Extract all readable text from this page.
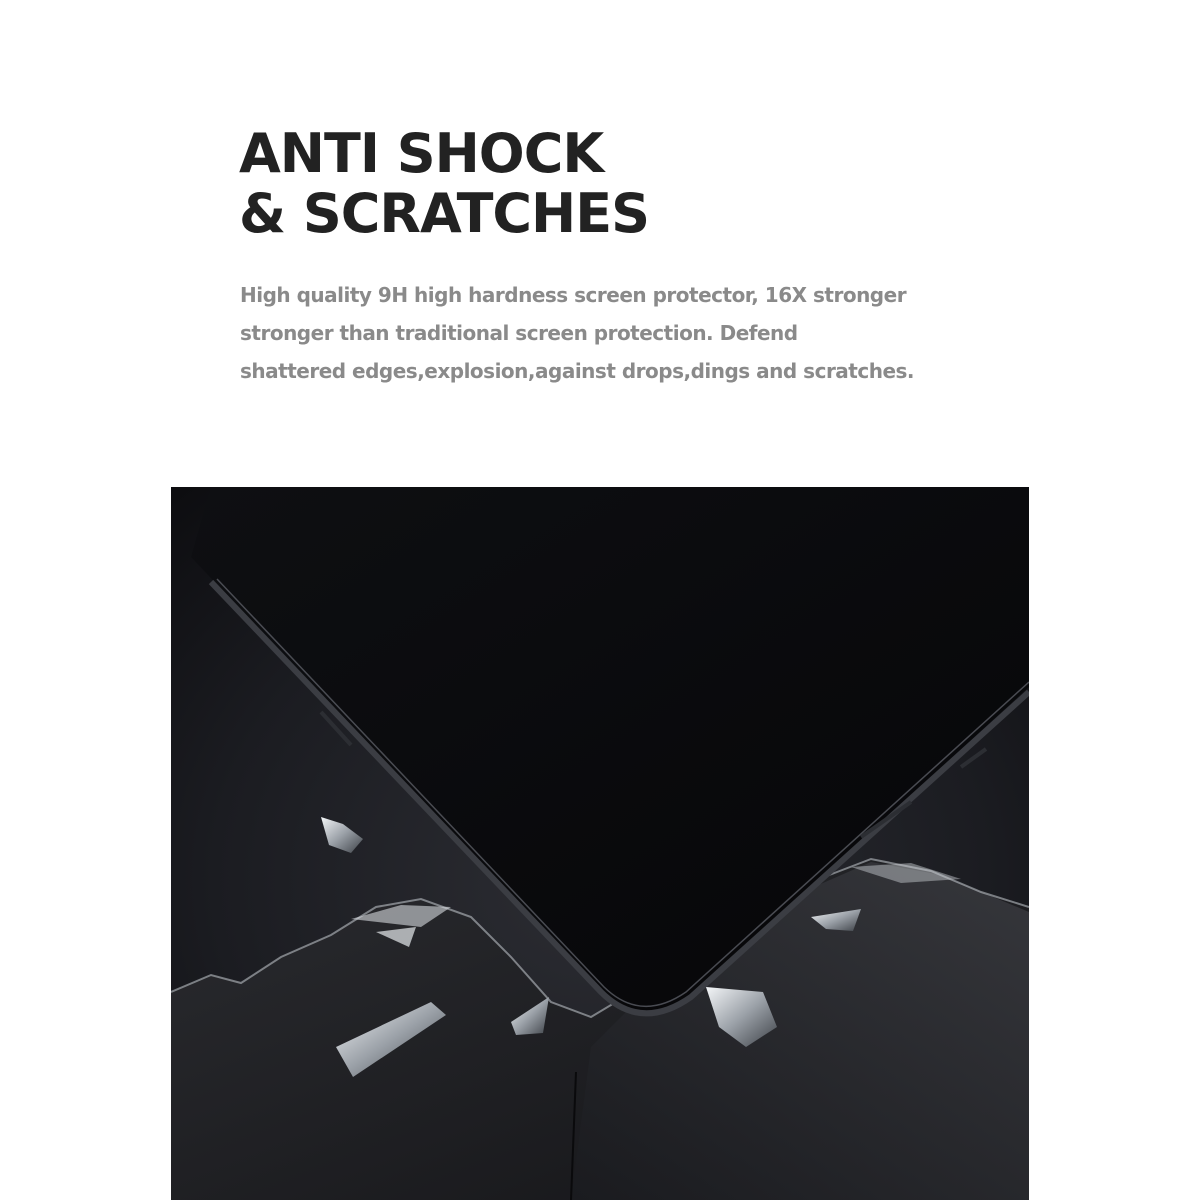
ANTI SHOCK
& SCRATCHES

High quality 9H high hardness screen protector, 16X stronger
stronger than traditional screen protection. Defend
shattered edges,explosion,against drops,dings and scratches.
